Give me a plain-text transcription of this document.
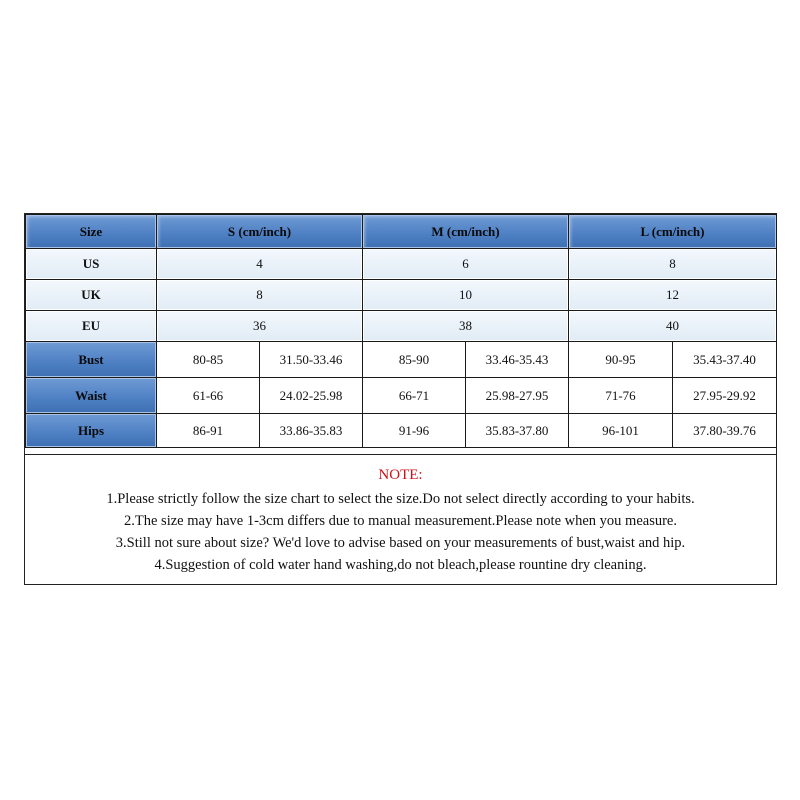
Size	S (cm/inch)	M (cm/inch)	L (cm/inch)
US	4	6	8
UK	8	10	12
EU	36	38	40
Bust	80-85	31.50-33.46	85-90	33.46-35.43	90-95	35.43-37.40
Waist	61-66	24.02-25.98	66-71	25.98-27.95	71-76	27.95-29.92
Hips	86-91	33.86-35.83	91-96	35.83-37.80	96-101	37.80-39.76
NOTE:
1.Please strictly follow the size chart to select the size.Do not select directly according to your habits.
2.The size may have 1-3cm differs due to manual measurement.Please note when you measure.
3.Still not sure about size? We'd love to advise based on your measurements of bust,waist and hip.
4.Suggestion of cold water hand washing,do not bleach,please rountine dry cleaning.
